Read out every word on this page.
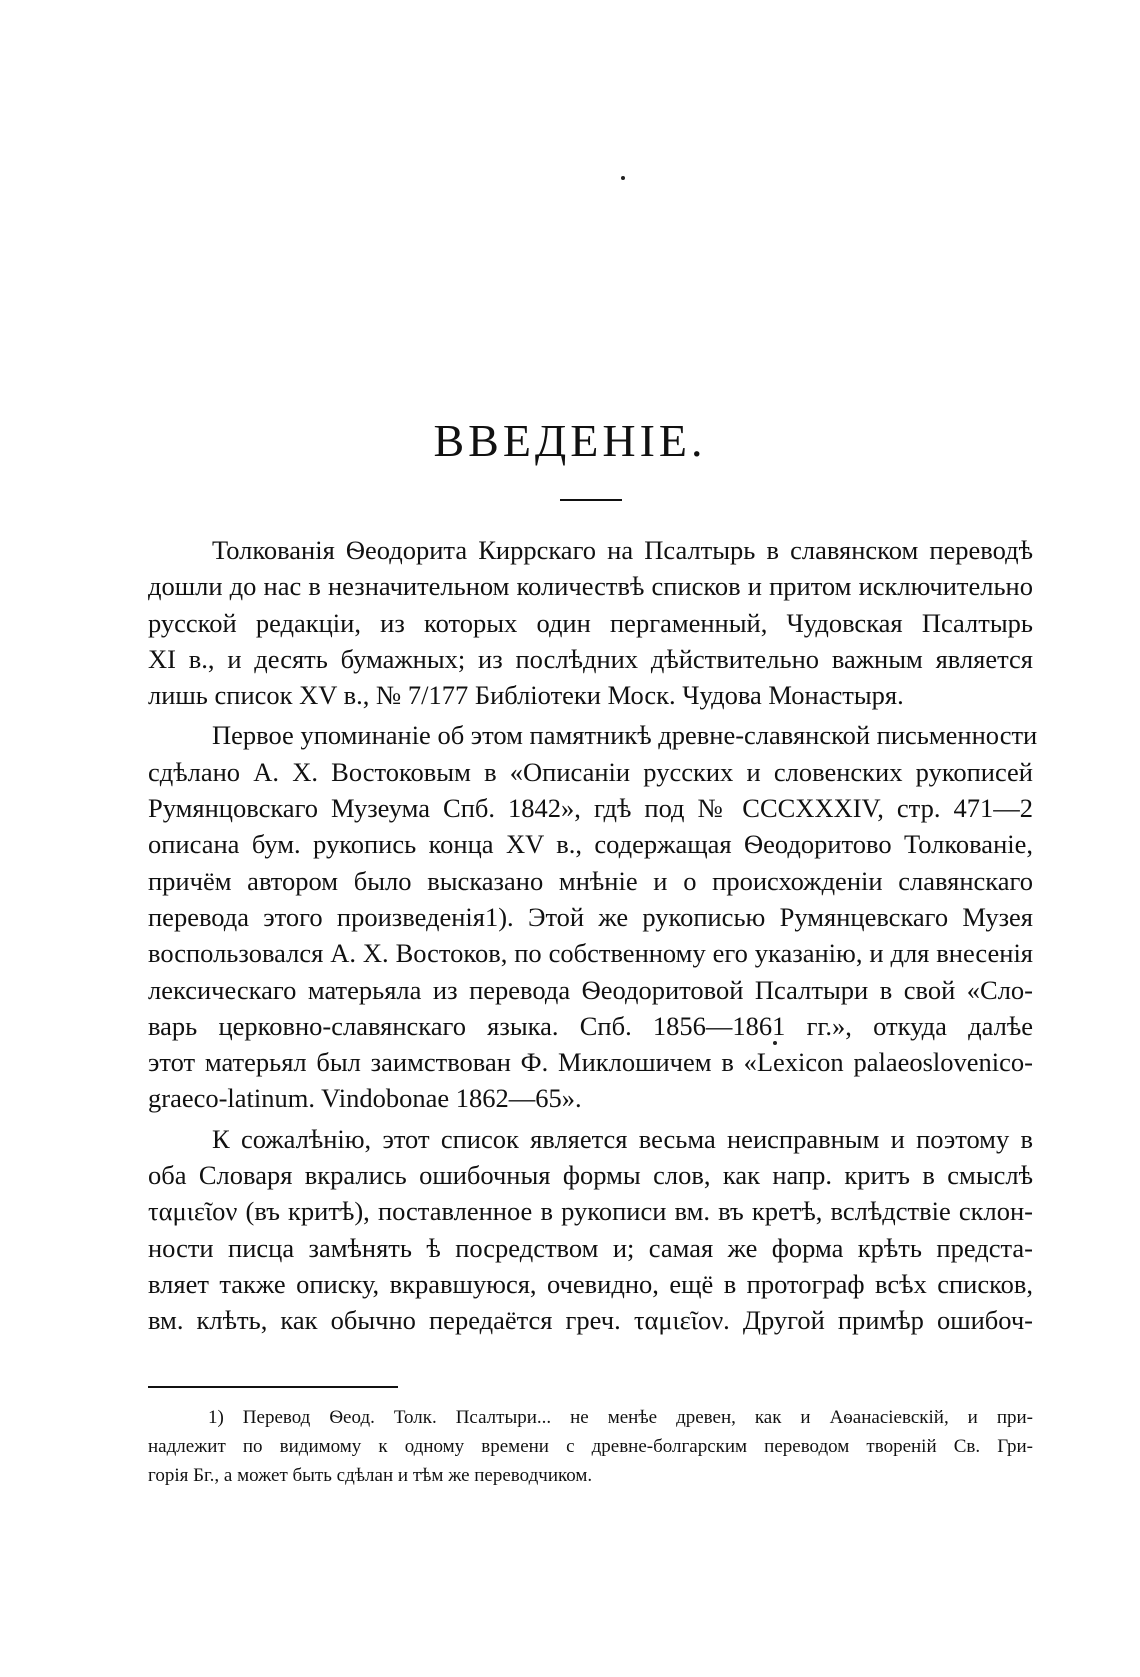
ВВЕДЕНІЕ.

Толкованія Ѳеодорита Киррскаго на Псалтырь в славянском переводѣ
дошли до нас в незначительном количествѣ списков и притом исключительно
русской редакціи, из которых один пергаменный, Чудовская Псалтырь
XI в., и десять бумажных; из послѣдних дѣйствительно важным является
лишь список XV в., № 7/177 Библіотеки Моск. Чудова Монастыря.

Первое упоминаніе об этом памятникѣ древне-славянской письменности
сдѣлано А. Х. Востоковым в «Описаніи русских и словенских рукописей
Румянцовскаго Музеума Спб. 1842», гдѣ под № CCCXXXIV, стр. 471—2
описана бум. рукопись конца XV в., содержащая Ѳеодоритово Толкованіе,
причём автором было высказано мнѣніе и о происхожденіи славянскаго
перевода этого произведенія1). Этой же рукописью Румянцевскаго Музея
воспользовался А. Х. Востоков, по собственному его указанію, и для внесенія
лексическаго матерьяла из перевода Ѳеодоритовой Псалтыри в свой «Сло-
варь церковно-славянскаго языка. Спб. 1856—1861 гг.», откуда далѣе
этот матерьял был заимствован Ф. Миклошичем в «Lexicon palaeoslovenico-
graeco-latinum. Vindobonae 1862—65».

К сожалѣнію, этот список является весьма неисправным и поэтому в
оба Словаря вкрались ошибочныя формы слов, как напр. критъ в смыслѣ
ταμιεῖον (въ критѣ), поставленное в рукописи вм. въ кретѣ, вслѣдствіе склон-
ности писца замѣнять ѣ посредством и; самая же форма крѣть предста-
вляет также описку, вкравшуюся, очевидно, ещё в протограф всѣх списков,
вм. клѣть, как обычно передаётся греч. ταμιεῖον. Другой примѣр ошибоч-

1) Перевод Ѳеод. Толк. Псалтыри... не менѣе древен, как и Аѳанасіевскій, и при-
надлежит по видимому к одному времени с древне-болгарским переводом твореній Св. Гри-
горія Бг., а может быть сдѣлан и тѣм же переводчиком.
